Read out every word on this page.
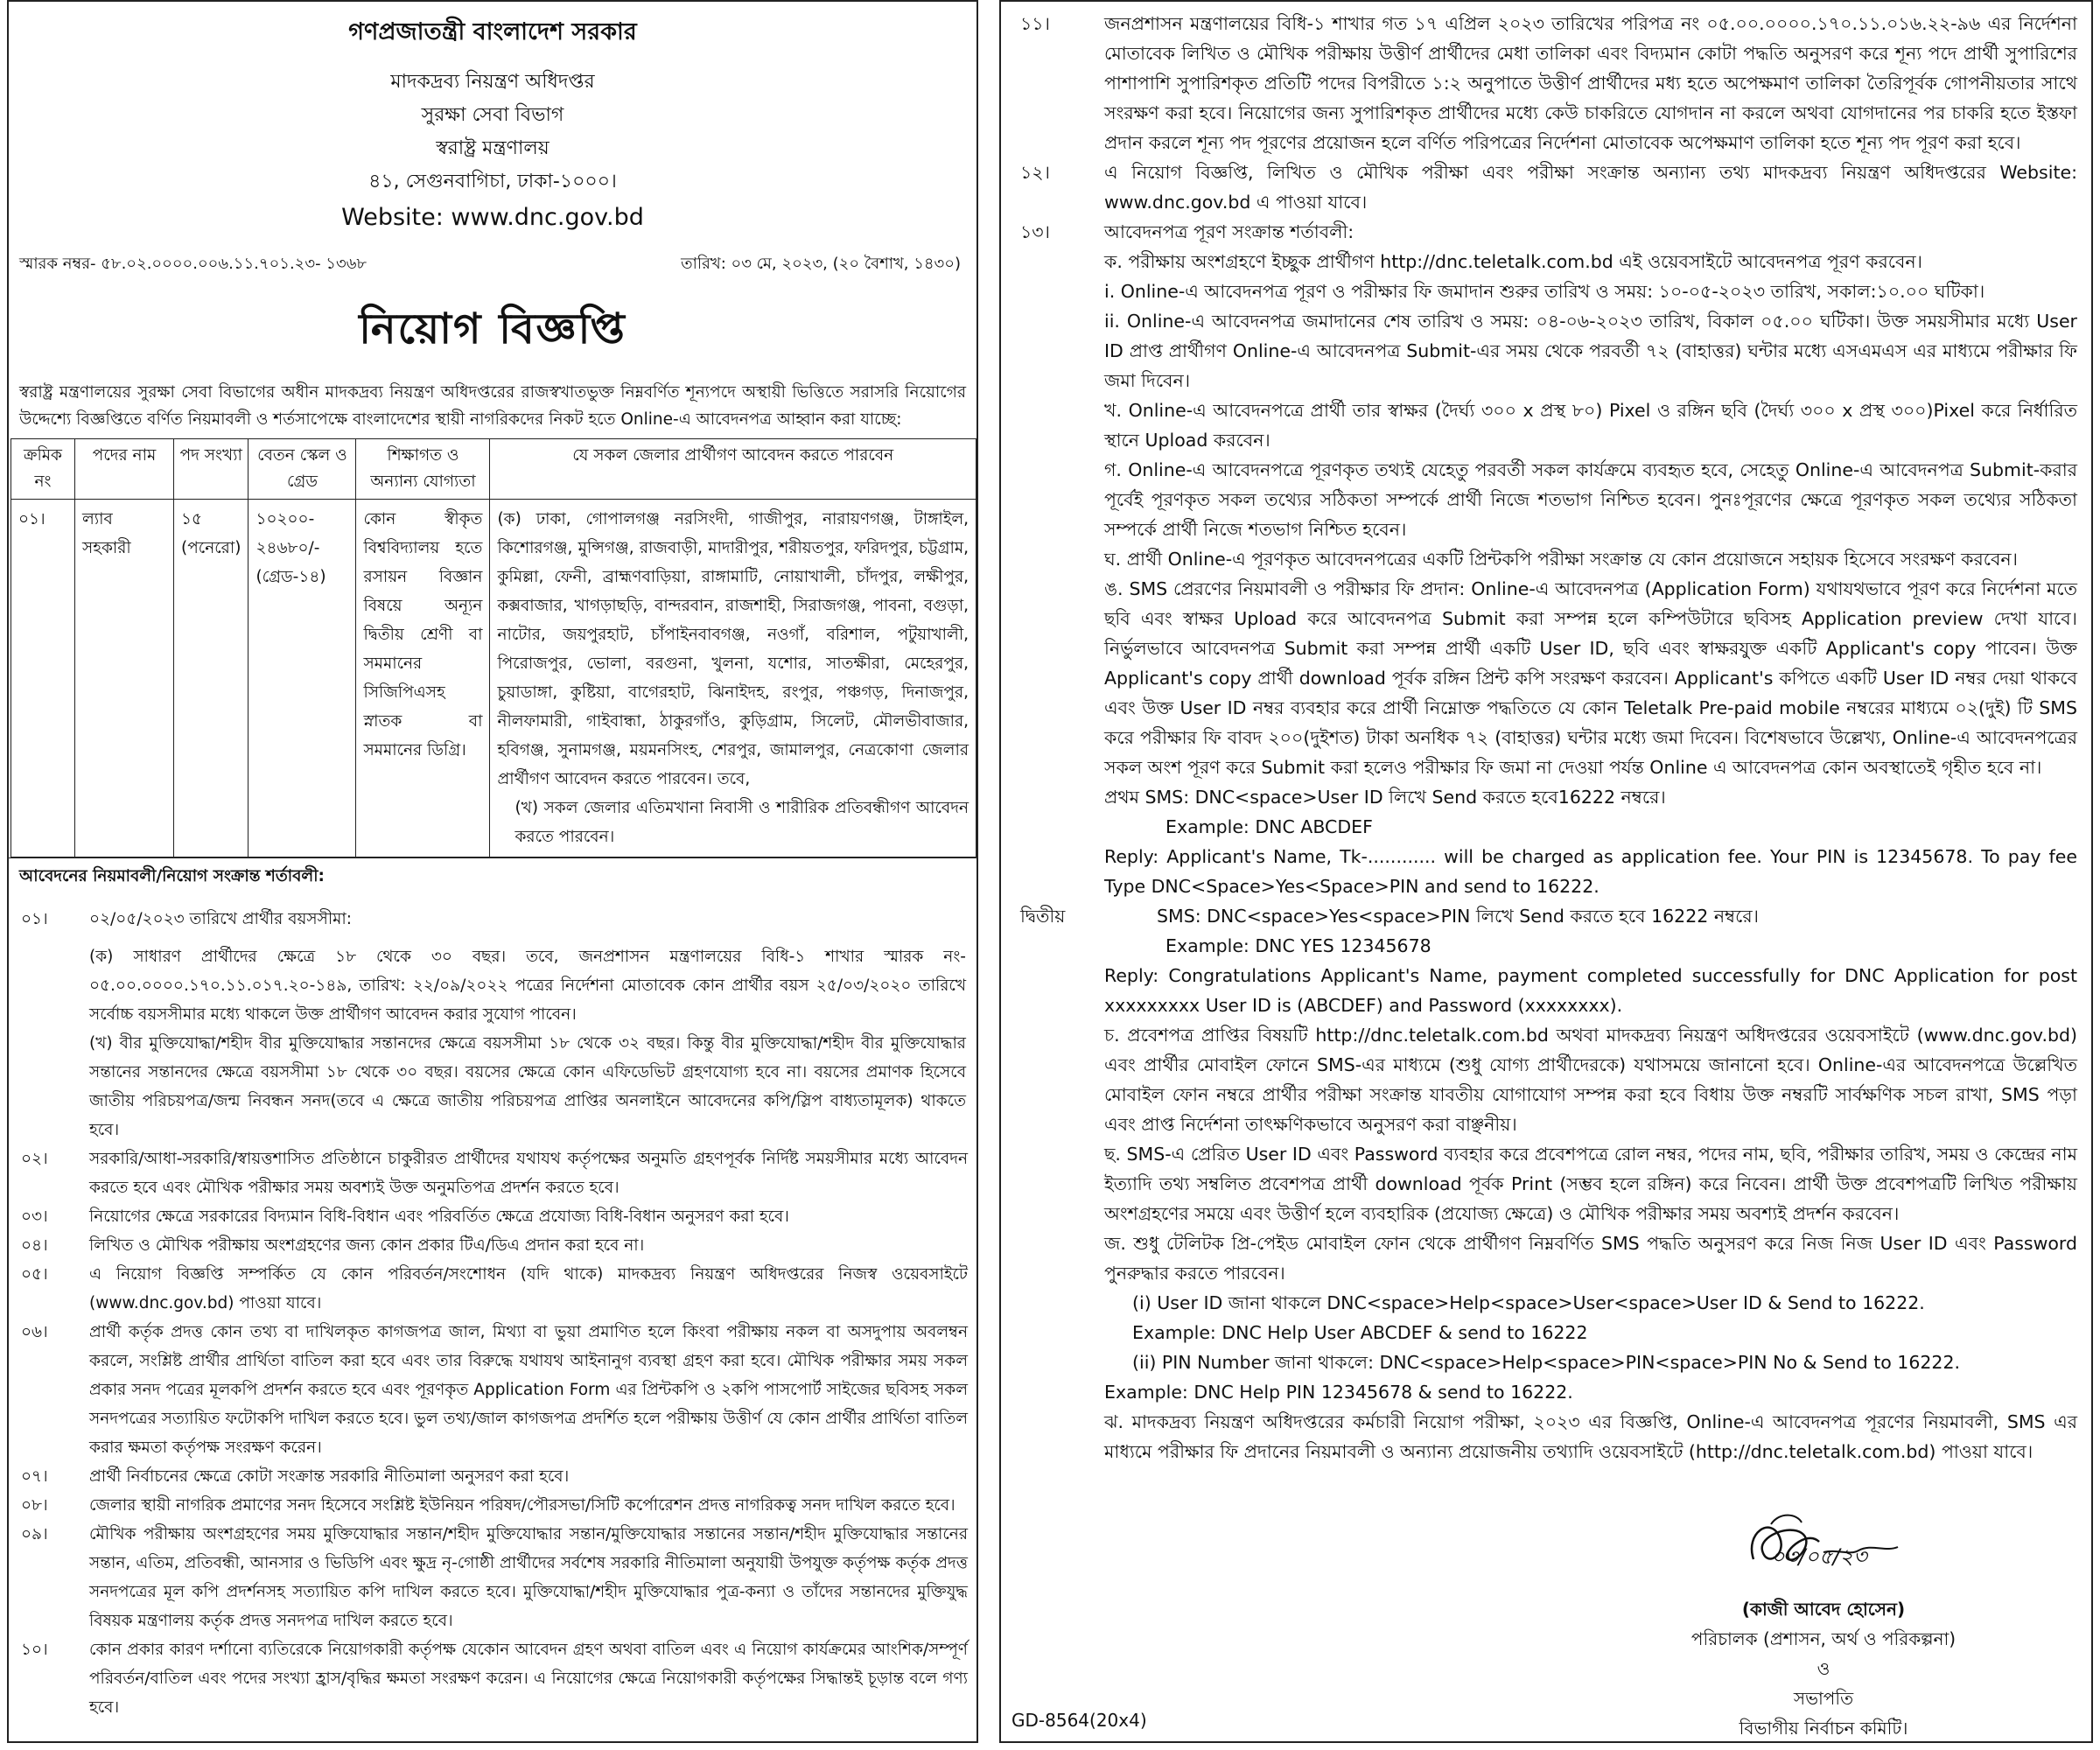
গণপ্রজাতন্ত্রী বাংলাদেশ সরকার
মাদকদ্রব্য নিয়ন্ত্রণ অধিদপ্তর
সুরক্ষা সেবা বিভাগ
স্বরাষ্ট্র মন্ত্রণালয়
৪১, সেগুনবাগিচা, ঢাকা-১০০০।
Website: www.dnc.gov.bd
স্মারক নম্বর- ৫৮.০২.০০০০.০০৬.১১.৭০১.২৩- ১৩৬৮	তারিখ: ০৩ মে, ২০২৩, (২০ বৈশাখ, ১৪৩০)
নিয়োগ বিজ্ঞপ্তি
স্বরাষ্ট্র মন্ত্রণালয়ের সুরক্ষা সেবা বিভাগের অধীন মাদকদ্রব্য নিয়ন্ত্রণ অধিদপ্তরের রাজস্বখাতভুক্ত নিম্নবর্ণিত শূন্যপদে অস্থায়ী ভিত্তিতে সরাসরি নিয়োগের উদ্দেশ্যে বিজ্ঞপ্তিতে বর্ণিত নিয়মাবলী ও শর্তসাপেক্ষে বাংলাদেশের স্থায়ী নাগরিকদের নিকট হতে Online-এ আবেদনপত্র আহ্বান করা যাচ্ছে:
ক্রমিক নং	পদের নাম	পদ সংখ্যা	বেতন স্কেল ও গ্রেড	শিক্ষাগত ও অন্যান্য যোগ্যতা	যে সকল জেলার প্রার্থীগণ আবেদন করতে পারবেন
০১।	ল্যাব সহকারী	১৫ (পনেরো)	১০২০০- ২৪৬৮০/- (গ্রেড-১৪)	কোন স্বীকৃত বিশ্ববিদ্যালয় হতে রসায়ন বিজ্ঞান বিষয়ে অন্যূন দ্বিতীয় শ্রেণী বা সমমানের সিজিপিএসহ স্নাতক বা সমমানের ডিগ্রি।	(ক) ঢাকা, গোপালগঞ্জ নরসিংদী, গাজীপুর, নারায়ণগঞ্জ, টাঙ্গাইল, কিশোরগঞ্জ, মুন্সিগঞ্জ, রাজবাড়ী, মাদারীপুর, শরীয়তপুর, ফরিদপুর, চট্টগ্রাম, কুমিল্লা, ফেনী, ব্রাহ্মণবাড়িয়া, রাঙ্গামাটি, নোয়াখালী, চাঁদপুর, লক্ষীপুর, কক্সবাজার, খাগড়াছড়ি, বান্দরবান, রাজশাহী, সিরাজগঞ্জ, পাবনা, বগুড়া, নাটোর, জয়পুরহাট, চাঁপাইনবাবগঞ্জ, নওগাঁ, বরিশাল, পটুয়াখালী, পিরোজপুর, ভোলা, বরগুনা, খুলনা, যশোর, সাতক্ষীরা, মেহেরপুর, চুয়াডাঙ্গা, কুষ্টিয়া, বাগেরহাট, ঝিনাইদহ, রংপুর, পঞ্চগড়, দিনাজপুর, নীলফামারী, গাইবান্ধা, ঠাকুরগাঁও, কুড়িগ্রাম, সিলেট, মৌলভীবাজার, হবিগঞ্জ, সুনামগঞ্জ, ময়মনসিংহ, শেরপুর, জামালপুর, নেত্রকোণা জেলার প্রার্থীগণ আবেদন করতে পারবেন। তবে,
(খ) সকল জেলার এতিমখানা নিবাসী ও শারীরিক প্রতিবন্ধীগণ আবেদন করতে পারবেন।
আবেদনের নিয়মাবলী/নিয়োগ সংক্রান্ত শর্তাবলী:
০১।	০২/০৫/২০২৩ তারিখে প্রার্থীর বয়সসীমা:
(ক) সাধারণ প্রার্থীদের ক্ষেত্রে ১৮ থেকে ৩০ বছর। তবে, জনপ্রশাসন মন্ত্রণালয়ের বিধি-১ শাখার স্মারক নং- ০৫.০০.০০০০.১৭০.১১.০১৭.২০-১৪৯, তারিখ: ২২/০৯/২০২২ পত্রের নির্দেশনা মোতাবেক কোন প্রার্থীর বয়স ২৫/০৩/২০২০ তারিখে সর্বোচ্চ বয়সসীমার মধ্যে থাকলে উক্ত প্রার্থীগণ আবেদন করার সুযোগ পাবেন।
(খ) বীর মুক্তিযোদ্ধা/শহীদ বীর মুক্তিযোদ্ধার সন্তানদের ক্ষেত্রে বয়সসীমা ১৮ থেকে ৩২ বছর। কিন্তু বীর মুক্তিযোদ্ধা/শহীদ বীর মুক্তিযোদ্ধার সন্তানের সন্তানদের ক্ষেত্রে বয়সসীমা ১৮ থেকে ৩০ বছর। বয়সের ক্ষেত্রে কোন এফিডেভিট গ্রহণযোগ্য হবে না। বয়সের প্রমাণক হিসেবে জাতীয় পরিচয়পত্র/জন্ম নিবন্ধন সনদ(তবে এ ক্ষেত্রে জাতীয় পরিচয়পত্র প্রাপ্তির অনলাইনে আবেদনের কপি/স্লিপ বাধ্যতামূলক) থাকতে হবে।
০২।	সরকারি/আধা-সরকারি/স্বায়ত্তশাসিত প্রতিষ্ঠানে চাকুরীরত প্রার্থীদের যথাযথ কর্তৃপক্ষের অনুমতি গ্রহণপূর্বক নির্দিষ্ট সময়সীমার মধ্যে আবেদন করতে হবে এবং মৌখিক পরীক্ষার সময় অবশ্যই উক্ত অনুমতিপত্র প্রদর্শন করতে হবে।
০৩।	নিয়োগের ক্ষেত্রে সরকারের বিদ্যমান বিধি-বিধান এবং পরিবর্তিত ক্ষেত্রে প্রযোজ্য বিধি-বিধান অনুসরণ করা হবে।
০৪।	লিখিত ও মৌখিক পরীক্ষায় অংশগ্রহণের জন্য কোন প্রকার টিএ/ডিএ প্রদান করা হবে না।
০৫।	এ নিয়োগ বিজ্ঞপ্তি সম্পর্কিত যে কোন পরিবর্তন/সংশোধন (যদি থাকে) মাদকদ্রব্য নিয়ন্ত্রণ অধিদপ্তরের নিজস্ব ওয়েবসাইটে (www.dnc.gov.bd) পাওয়া যাবে।
০৬।	প্রার্থী কর্তৃক প্রদত্ত কোন তথ্য বা দাখিলকৃত কাগজপত্র জাল, মিথ্যা বা ভুয়া প্রমাণিত হলে কিংবা পরীক্ষায় নকল বা অসদুপায় অবলম্বন করলে, সংশ্লিষ্ট প্রার্থীর প্রার্থিতা বাতিল করা হবে এবং তার বিরুদ্ধে যথাযথ আইনানুগ ব্যবস্থা গ্রহণ করা হবে। মৌখিক পরীক্ষার সময় সকল প্রকার সনদ পত্রের মূলকপি প্রদর্শন করতে হবে এবং পূরণকৃত Application Form এর প্রিন্টকপি ও ২কপি পাসপোর্ট সাইজের ছবিসহ সকল সনদপত্রের সত্যায়িত ফটোকপি দাখিল করতে হবে। ভুল তথ্য/জাল কাগজপত্র প্রদর্শিত হলে পরীক্ষায় উত্তীর্ণ যে কোন প্রার্থীর প্রার্থিতা বাতিল করার ক্ষমতা কর্তৃপক্ষ সংরক্ষণ করেন।
০৭।	প্রার্থী নির্বাচনের ক্ষেত্রে কোটা সংক্রান্ত সরকারি নীতিমালা অনুসরণ করা হবে।
০৮।	জেলার স্থায়ী নাগরিক প্রমাণের সনদ হিসেবে সংশ্লিষ্ট ইউনিয়ন পরিষদ/পৌরসভা/সিটি কর্পোরেশন প্রদত্ত নাগরিকত্ব সনদ দাখিল করতে হবে।
০৯।	মৌখিক পরীক্ষায় অংশগ্রহণের সময় মুক্তিযোদ্ধার সন্তান/শহীদ মুক্তিযোদ্ধার সন্তান/মুক্তিযোদ্ধার সন্তানের সন্তান/শহীদ মুক্তিযোদ্ধার সন্তানের সন্তান, এতিম, প্রতিবন্ধী, আনসার ও ভিডিপি এবং ক্ষুদ্র নৃ-গোষ্ঠী প্রার্থীদের সর্বশেষ সরকারি নীতিমালা অনুযায়ী উপযুক্ত কর্তৃপক্ষ কর্তৃক প্রদত্ত সনদপত্রের মূল কপি প্রদর্শনসহ সত্যায়িত কপি দাখিল করতে হবে। মুক্তিযোদ্ধা/শহীদ মুক্তিযোদ্ধার পুত্র-কন্যা ও তাঁদের সন্তানদের মুক্তিযুদ্ধ বিষয়ক মন্ত্রণালয় কর্তৃক প্রদত্ত সনদপত্র দাখিল করতে হবে।
১০।	কোন প্রকার কারণ দর্শানো ব্যতিরেকে নিয়োগকারী কর্তৃপক্ষ যেকোন আবেদন গ্রহণ অথবা বাতিল এবং এ নিয়োগ কার্যক্রমের আংশিক/সম্পূর্ণ পরিবর্তন/বাতিল এবং পদের সংখ্যা হ্রাস/বৃদ্ধির ক্ষমতা সংরক্ষণ করেন। এ নিয়োগের ক্ষেত্রে নিয়োগকারী কর্তৃপক্ষের সিদ্ধান্তই চূড়ান্ত বলে গণ্য হবে।
১১।	জনপ্রশাসন মন্ত্রণালয়ের বিধি-১ শাখার গত ১৭ এপ্রিল ২০২৩ তারিখের পরিপত্র নং ০৫.০০.০০০০.১৭০.১১.০১৬.২২-৯৬ এর নির্দেশনা মোতাবেক লিখিত ও মৌখিক পরীক্ষায় উত্তীর্ণ প্রার্থীদের মেধা তালিকা এবং বিদ্যমান কোটা পদ্ধতি অনুসরণ করে শূন্য পদে প্রার্থী সুপারিশের পাশাপাশি সুপারিশকৃত প্রতিটি পদের বিপরীতে ১:২ অনুপাতে উত্তীর্ণ প্রার্থীদের মধ্য হতে অপেক্ষমাণ তালিকা তৈরিপূর্বক গোপনীয়তার সাথে সংরক্ষণ করা হবে। নিয়োগের জন্য সুপারিশকৃত প্রার্থীদের মধ্যে কেউ চাকরিতে যোগদান না করলে অথবা যোগদানের পর চাকরি হতে ইস্তফা প্রদান করলে শূন্য পদ পূরণের প্রয়োজন হলে বর্ণিত পরিপত্রের নির্দেশনা মোতাবেক অপেক্ষমাণ তালিকা হতে শূন্য পদ পূরণ করা হবে।
১২।	এ নিয়োগ বিজ্ঞপ্তি, লিখিত ও মৌখিক পরীক্ষা এবং পরীক্ষা সংক্রান্ত অন্যান্য তথ্য মাদকদ্রব্য নিয়ন্ত্রণ অধিদপ্তরের Website: www.dnc.gov.bd এ পাওয়া যাবে।
১৩।	আবেদনপত্র পূরণ সংক্রান্ত শর্তাবলী:
ক. পরীক্ষায় অংশগ্রহণে ইচ্ছুক প্রার্থীগণ http://dnc.teletalk.com.bd এই ওয়েবসাইটে আবেদনপত্র পূরণ করবেন।
i. Online-এ আবেদনপত্র পূরণ ও পরীক্ষার ফি জমাদান শুরুর তারিখ ও সময়: ১০-০৫-২০২৩ তারিখ, সকাল:১০.০০ ঘটিকা।
ii. Online-এ আবেদনপত্র জমাদানের শেষ তারিখ ও সময়: ০৪-০৬-২০২৩ তারিখ, বিকাল ০৫.০০ ঘটিকা। উক্ত সময়সীমার মধ্যে User ID প্রাপ্ত প্রার্থীগণ Online-এ আবেদনপত্র Submit-এর সময় থেকে পরবর্তী ৭২ (বাহাত্তর) ঘন্টার মধ্যে এসএমএস এর মাধ্যমে পরীক্ষার ফি জমা দিবেন।
খ. Online-এ আবেদনপত্রে প্রার্থী তার স্বাক্ষর (দৈর্ঘ্য ৩০০ x প্রস্থ ৮০) Pixel ও রঙ্গিন ছবি (দৈর্ঘ্য ৩০০ x প্রস্থ ৩০০)Pixel করে নির্ধারিত স্থানে Upload করবেন।
গ. Online-এ আবেদনপত্রে পূরণকৃত তথ্যই যেহেতু পরবর্তী সকল কার্যক্রমে ব্যবহৃত হবে, সেহেতু Online-এ আবেদনপত্র Submit-করার পূর্বেই পূরণকৃত সকল তথ্যের সঠিকতা সম্পর্কে প্রার্থী নিজে শতভাগ নিশ্চিত হবেন। পুনঃপূরণের ক্ষেত্রে পূরণকৃত সকল তথ্যের সঠিকতা সম্পর্কে প্রার্থী নিজে শতভাগ নিশ্চিত হবেন।
ঘ. প্রার্থী Online-এ পূরণকৃত আবেদনপত্রের একটি প্রিন্টকপি পরীক্ষা সংক্রান্ত যে কোন প্রয়োজনে সহায়ক হিসেবে সংরক্ষণ করবেন।
ঙ. SMS প্রেরণের নিয়মাবলী ও পরীক্ষার ফি প্রদান: Online-এ আবেদনপত্র (Application Form) যথাযথভাবে পূরণ করে নির্দেশনা মতে ছবি এবং স্বাক্ষর Upload করে আবেদনপত্র Submit করা সম্পন্ন হলে কম্পিউটারে ছবিসহ Application preview দেখা যাবে। নির্ভুলভাবে আবেদনপত্র Submit করা সম্পন্ন প্রার্থী একটি User ID, ছবি এবং স্বাক্ষরযুক্ত একটি Applicant's copy পাবেন। উক্ত Applicant's copy প্রার্থী download পূর্বক রঙ্গিন প্রিন্ট কপি সংরক্ষণ করবেন। Applicant's কপিতে একটি User ID নম্বর দেয়া থাকবে এবং উক্ত User ID নম্বর ব্যবহার করে প্রার্থী নিম্নোক্ত পদ্ধতিতে যে কোন Teletalk Pre-paid mobile নম্বরের মাধ্যমে ০২(দুই) টি SMS করে পরীক্ষার ফি বাবদ ২০০(দুইশত) টাকা অনধিক ৭২ (বাহাত্তর) ঘন্টার মধ্যে জমা দিবেন। বিশেষভাবে উল্লেখ্য, Online-এ আবেদনপত্রের সকল অংশ পূরণ করে Submit করা হলেও পরীক্ষার ফি জমা না দেওয়া পর্যন্ত Online এ আবেদনপত্র কোন অবস্থাতেই গৃহীত হবে না।
প্রথম SMS: DNC<space>User ID লিখে Send করতে হবে16222 নম্বরে।
Example: DNC ABCDEF
Reply: Applicant's Name, Tk-............ will be charged as application fee. Your PIN is 12345678. To pay fee Type DNC<Space>Yes<Space>PIN and send to 16222.
দ্বিতীয়	SMS: DNC<space>Yes<space>PIN লিখে Send করতে হবে 16222 নম্বরে।
Example: DNC YES 12345678
Reply: Congratulations Applicant's Name, payment completed successfully for DNC Application for post xxxxxxxxx User ID is (ABCDEF) and Password (xxxxxxxx).
চ. প্রবেশপত্র প্রাপ্তির বিষয়টি http://dnc.teletalk.com.bd অথবা মাদকদ্রব্য নিয়ন্ত্রণ অধিদপ্তরের ওয়েবসাইটে (www.dnc.gov.bd) এবং প্রার্থীর মোবাইল ফোনে SMS-এর মাধ্যমে (শুধু যোগ্য প্রার্থীদেরকে) যথাসময়ে জানানো হবে। Online-এর আবেদনপত্রে উল্লেখিত মোবাইল ফোন নম্বরে প্রার্থীর পরীক্ষা সংক্রান্ত যাবতীয় যোগাযোগ সম্পন্ন করা হবে বিধায় উক্ত নম্বরটি সার্বক্ষণিক সচল রাখা, SMS পড়া এবং প্রাপ্ত নির্দেশনা তাৎক্ষণিকভাবে অনুসরণ করা বাঞ্ছনীয়।
ছ. SMS-এ প্রেরিত User ID এবং Password ব্যবহার করে প্রবেশপত্রে রোল নম্বর, পদের নাম, ছবি, পরীক্ষার তারিখ, সময় ও কেন্দ্রের নাম ইত্যাদি তথ্য সম্বলিত প্রবেশপত্র প্রার্থী download পূর্বক Print (সম্ভব হলে রঙ্গিন) করে নিবেন। প্রার্থী উক্ত প্রবেশপত্রটি লিখিত পরীক্ষায় অংশগ্রহণের সময়ে এবং উত্তীর্ণ হলে ব্যবহারিক (প্রযোজ্য ক্ষেত্রে) ও মৌখিক পরীক্ষার সময় অবশ্যই প্রদর্শন করবেন।
জ. শুধু টেলিটক প্রি-পেইড মোবাইল ফোন থেকে প্রার্থীগণ নিম্নবর্ণিত SMS পদ্ধতি অনুসরণ করে নিজ নিজ User ID এবং Password পুনরুদ্ধার করতে পারবেন।
(i) User ID জানা থাকলে DNC<space>Help<space>User<space>User ID & Send to 16222.
Example: DNC Help User ABCDEF & send to 16222
(ii) PIN Number জানা থাকলে: DNC<space>Help<space>PIN<space>PIN No & Send to 16222.
Example: DNC Help PIN 12345678 & send to 16222.
ঝ. মাদকদ্রব্য নিয়ন্ত্রণ অধিদপ্তরের কর্মচারী নিয়োগ পরীক্ষা, ২০২৩ এর বিজ্ঞপ্তি, Online-এ আবেদনপত্র পূরণের নিয়মাবলী, SMS এর মাধ্যমে পরীক্ষার ফি প্রদানের নিয়মাবলী ও অন্যান্য প্রয়োজনীয় তথ্যাদি ওয়েবসাইটে (http://dnc.teletalk.com.bd) পাওয়া যাবে।
০৩/০৫/২৩
(কাজী আবেদ হোসেন)
পরিচালক (প্রশাসন, অর্থ ও পরিকল্পনা)
ও
সভাপতি
বিভাগীয় নির্বাচন কমিটি।
GD-8564(20x4)
